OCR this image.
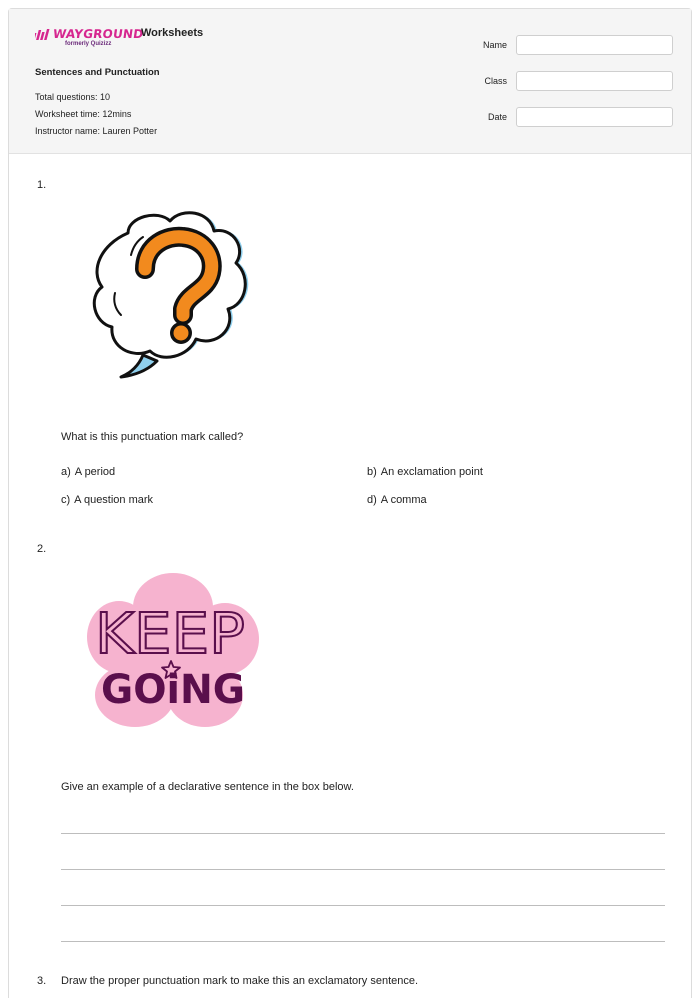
WAYGROUND
formerly Quizizz
Worksheets
Sentences and Punctuation
Total questions: 10
Worksheet time: 12mins
Instructor name: Lauren Potter
Name
Class
Date
1.
What is this punctuation mark called?
a) A period	b) An exclamation point
c) A question mark	d) A comma
2.
KEEP
GOiNG
Give an example of a declarative sentence in the box below.
3. Draw the proper punctuation mark to make this an exclamatory sentence.
